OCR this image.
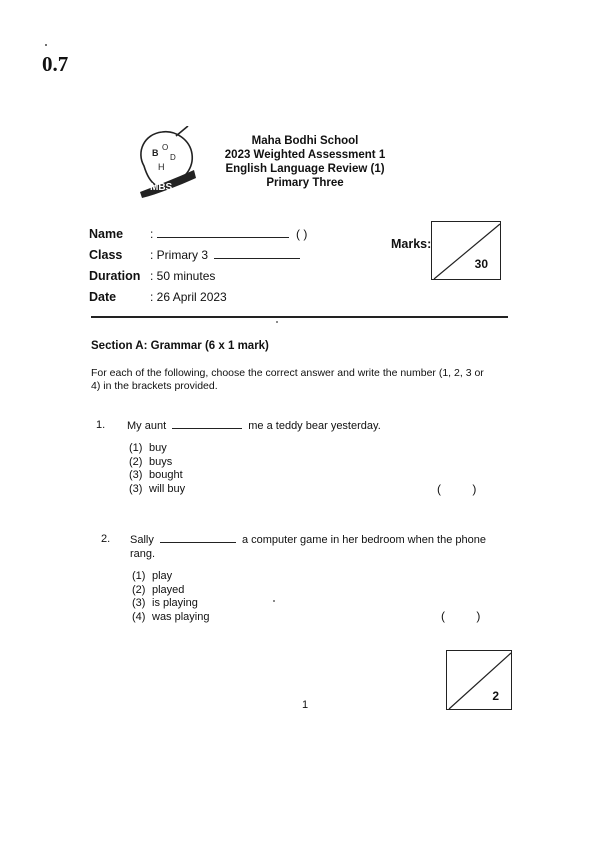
0.7
B
O
D
H
MBS
Maha Bodhi School
2023 Weighted Assessment 1
English Language Review (1)
Primary Three
Name :	( )
Class : Primary 3
Duration : 50 minutes
Date	: 26 April 2023
Marks:
30
Section A: Grammar (6 x 1 mark)
For each of the following, choose the correct answer and write the number (1, 2, 3 or 4) in the brackets provided.
1. My aunt	me a teddy bear yesterday.
(1) buy
(2) buys
(3) bought
(3) will buy	( )
2. Sally	a computer game in her bedroom when the phone
rang.
(1) play
(2) played
(3) is playing
(4) was playing	( )
2
1
